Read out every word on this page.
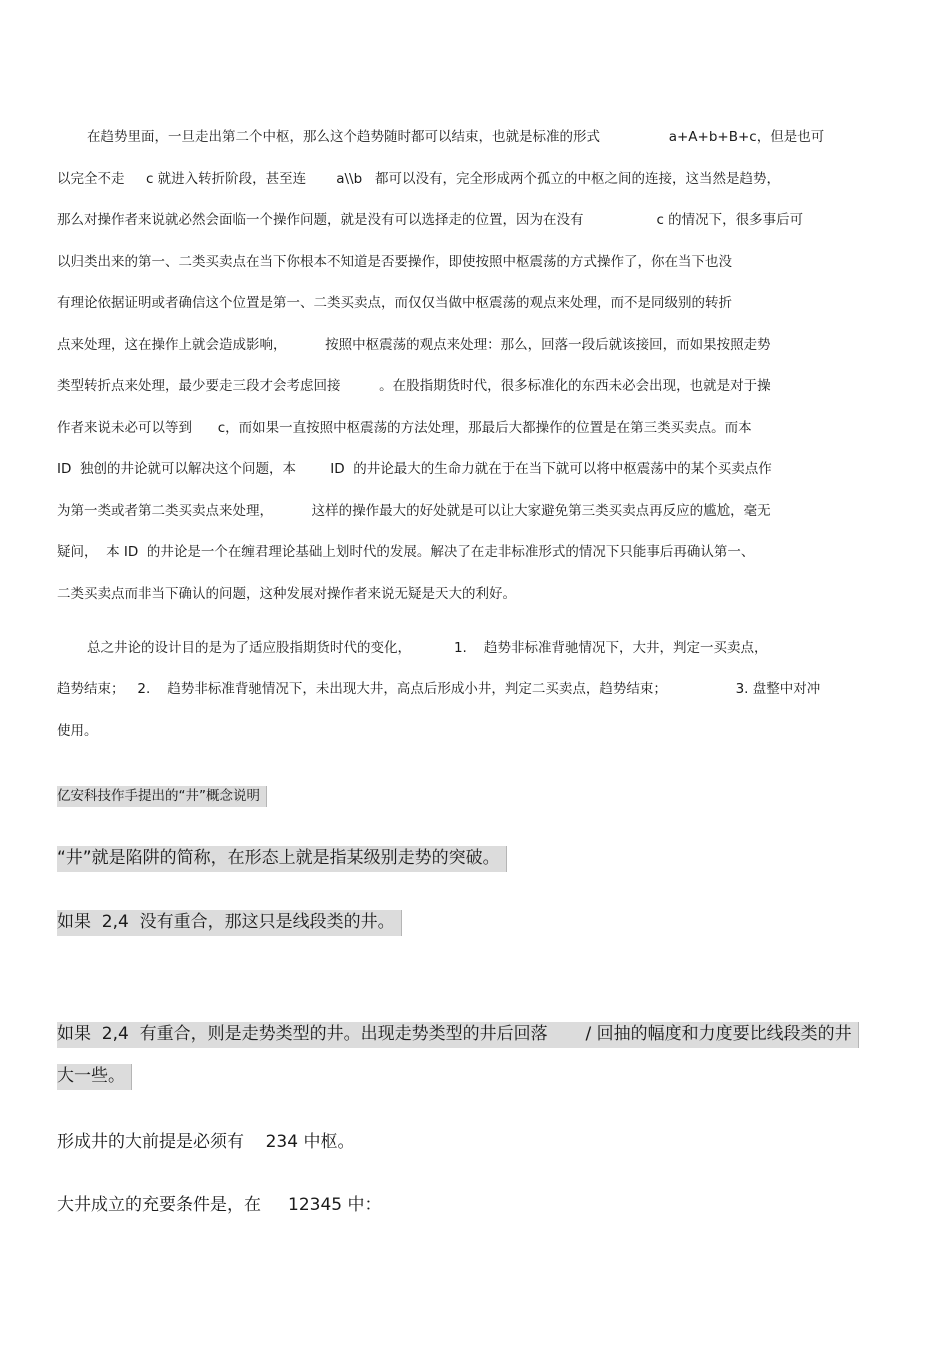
在趋势里面，一旦走出第二个中枢，那么这个趋势随时都可以结束，也就是标准的形式                a+A+b+B+c，但是也可
以完全不走     c 就进入转折阶段，甚至连       a\\b   都可以没有，完全形成两个孤立的中枢之间的连接，这当然是趋势，
那么对操作者来说就必然会面临一个操作问题，就是没有可以选择走的位置，因为在没有                 c 的情况下，很多事后可
以归类出来的第一、二类买卖点在当下你根本不知道是否要操作，即使按照中枢震荡的方式操作了，你在当下也没
有理论依据证明或者确信这个位置是第一、二类买卖点，而仅仅当做中枢震荡的观点来处理，而不是同级别的转折
点来处理，这在操作上就会造成影响，         按照中枢震荡的观点来处理：那么，回落一段后就该接回，而如果按照走势
类型转折点来处理，最少要走三段才会考虑回接         。在股指期货时代，很多标准化的东西未必会出现，也就是对于操
作者来说未必可以等到      c，而如果一直按照中枢震荡的方法处理，那最后大都操作的位置是在第三类买卖点。而本
ID  独创的井论就可以解决这个问题，本        ID  的井论最大的生命力就在于在当下就可以将中枢震荡中的某个买卖点作
为第一类或者第二类买卖点来处理，         这样的操作最大的好处就是可以让大家避免第三类买卖点再反应的尴尬，毫无
疑问，  本 ID  的井论是一个在缠君理论基础上划时代的发展。解决了在走非标准形式的情况下只能事后再确认第一、
二类买卖点而非当下确认的问题，这种发展对操作者来说无疑是天大的利好。
总之井论的设计目的是为了适应股指期货时代的变化，          1.    趋势非标准背驰情况下，大井，判定一买卖点，
趋势结束；   2.    趋势非标准背驰情况下，未出现大井，高点后形成小井，判定二买卖点，趋势结束；                3. 盘整中对冲
使用。
亿安科技作手提出的“井”概念说明
“井”就是陷阱的简称，在形态上就是指某级别走势的突破。
如果  2,4  没有重合，那这只是线段类的井。
如果  2,4  有重合，则是走势类型的井。出现走势类型的井后回落       / 回抽的幅度和力度要比线段类的井
大一些。
形成井的大前提是必须有    234 中枢。
大井成立的充要条件是，在     12345 中：
